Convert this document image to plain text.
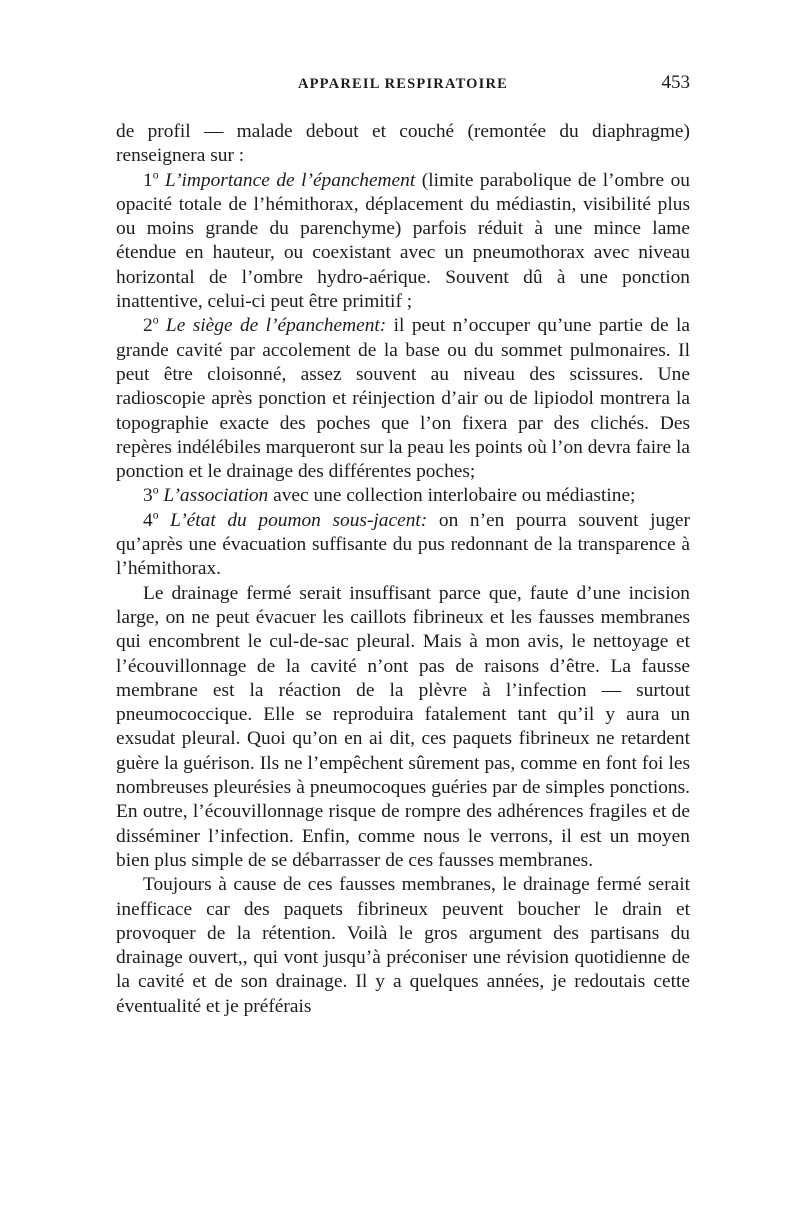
APPAREIL RESPIRATOIRE	453

de profil — malade debout et couché (remontée du diaphragme) renseignera sur :

1$^o$ L’importance de l’épanchement (limite parabolique de l’ombre ou opacité totale de l’hémithorax, déplacement du médiastin, visibilité plus ou moins grande du parenchyme) parfois réduit à une mince lame étendue en hauteur, ou coexistant avec un pneumothorax avec niveau horizontal de l’ombre hydro-aérique. Souvent dû à une ponction inattentive, celui-ci peut être primitif ;

2$^o$ Le siège de l’épanchement: il peut n’occuper qu’une partie de la grande cavité par accolement de la base ou du sommet pulmonaires. Il peut être cloisonné, assez souvent au niveau des scissures. Une radioscopie après ponction et réinjection d’air ou de lipiodol montrera la topographie exacte des poches que l’on fixera par des clichés. Des repères indélébiles marqueront sur la peau les points où l’on devra faire la ponction et le drainage des différentes poches;

3$^o$ L’association avec une collection interlobaire ou médiastine;

4$^o$ L’état du poumon sous-jacent: on n’en pourra souvent juger qu’après une évacuation suffisante du pus redonnant de la transparence à l’hémithorax.

Le drainage fermé serait insuffisant parce que, faute d’une incision large, on ne peut évacuer les caillots fibrineux et les fausses membranes qui encombrent le cul-de-sac pleural. Mais à mon avis, le nettoyage et l’écouvillonnage de la cavité n’ont pas de raisons d’être. La fausse membrane est la réaction de la plèvre à l’infection — surtout pneumococcique. Elle se reproduira fatalement tant qu’il y aura un exsudat pleural. Quoi qu’on en ai dit, ces paquets fibrineux ne retardent guère la guérison. Ils ne l’empêchent sûrement pas, comme en font foi les nombreuses pleurésies à pneumocoques guéries par de simples ponctions. En outre, l’écouvillonnage risque de rompre des adhérences fragiles et de disséminer l’infection. Enfin, comme nous le verrons, il est un moyen bien plus simple de se débarrasser de ces fausses membranes.

Toujours à cause de ces fausses membranes, le drainage fermé serait inefficace car des paquets fibrineux peuvent boucher le drain et provoquer de la rétention. Voilà le gros argument des partisans du drainage ouvert,, qui vont jusqu’à préconiser une révision quotidienne de la cavité et de son drainage. Il y a quelques années, je redoutais cette éventualité et je préférais
